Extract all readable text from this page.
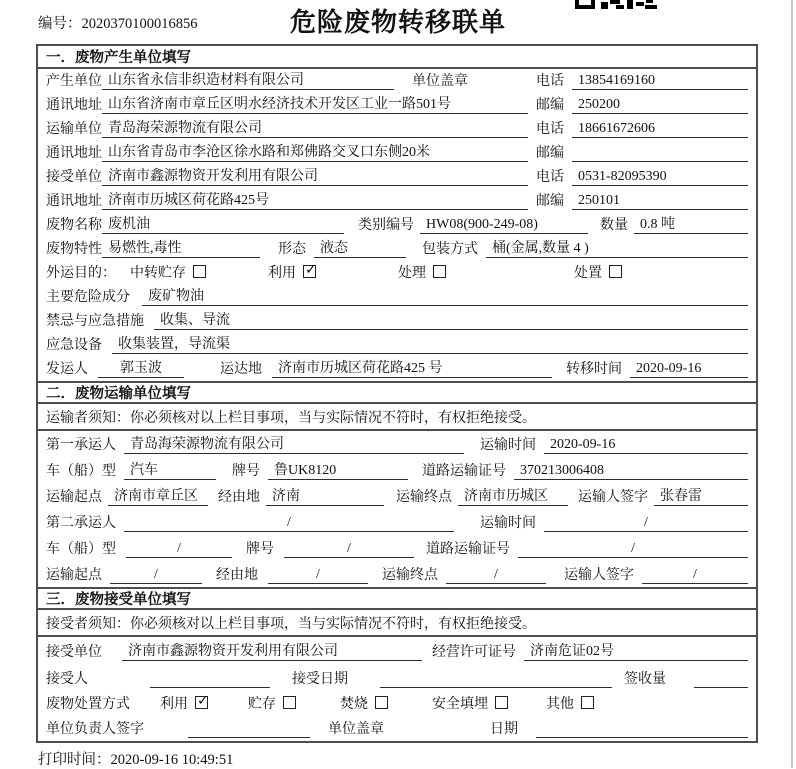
编号：2020370100016856	危险废物转移联单
一．废物产生单位填写
产生单位 山东省永信非织造材料有限公司	单位盖章	电话	13854169160
通讯地址 山东省济南市章丘区明水经济技术开发区工业一路501号	邮编	250200
运输单位 青岛海荣源物流有限公司	电话	18661672606
通讯地址 山东省青岛市李沧区徐水路和郑佛路交叉口东侧20米	邮编
接受单位 济南市鑫源物资开发利用有限公司	电话	0531-82095390
通讯地址 济南市历城区荷花路425号	邮编	250101
废物名称 废机油	类别编号 HW08(900-249-08)	数量 0.8 吨
废物特性 易燃性,毒性	形态	液态	包装方式	桶(金属,数量 4 )
外运目的： 中转贮存	利用 ✓	处理	处置
主要危险成分	废矿物油
禁忌与应急措施	收集、导流
应急设备	收集装置，导流渠
发运人	郭玉波	运达地	济南市历城区荷花路425 号	转移时间	2020-09-16
二．废物运输单位填写
运输者须知： 你必须核对以上栏目事项，当与实际情况不符时，有权拒绝接受。
第一承运人	青岛海荣源物流有限公司	运输时间	2020-09-16
车（船）型	汽车	牌号	鲁UK8120	道路运输证号	370213006408
运输起点 济南市章丘区	经由地 济南	运输终点 济南市历城区	运输人签字 张春雷
第二承运人	/	运输时间	/
车（船）型	/	牌号	/	道路运输证号	/
运输起点	/	经由地	/	运输终点	/	运输人签字	/
三．废物接受单位填写
接受者须知： 你必须核对以上栏目事项，当与实际情况不符时，有权拒绝接受。
接受单位	济南市鑫源物资开发利用有限公司	经营许可证号	济南危证02号
接受人	接受日期	签收量
废物处置方式 利用 ✓	贮存	焚烧	安全填埋	其他
单位负责人签字	单位盖章	日期
打印时间：2020-09-16 10:49:51
